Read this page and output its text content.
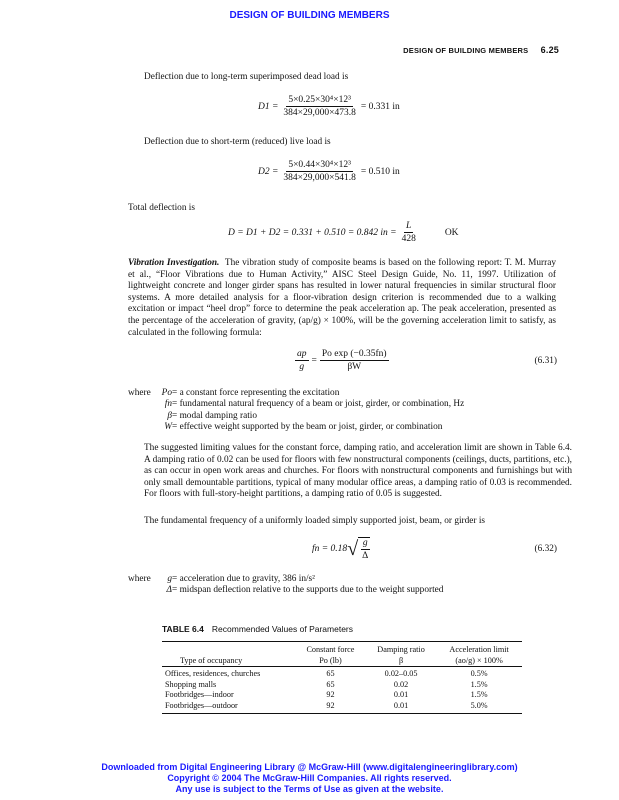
DESIGN OF BUILDING MEMBERS
DESIGN OF BUILDING MEMBERS 6.25
Deflection due to long-term superimposed dead load is
$D1 = \frac{\text{5×0.25×30⁴×12³}}{384\times 29,000\times 473.8} = 0.331$ in
Deflection due to short-term (reduced) live load is
$D2 = \frac{\text{5×0.44×30⁴×12³}}{384\times 29,000\times 541.8} = 0.510$ in
Total deflection is
D = D1 + D2 = 0.331 + 0.510 = 0.842 in = $\frac{L}{428}$	OK
Vibration Investigation. The vibration study of composite beams is based on the following report: T. M. Murray et al., “Floor Vibrations due to Human Activity,” AISC Steel Design Guide, No. 11, 1997. Utilization of lightweight concrete and longer girder spans has resulted in lower natural frequencies in similar structural floor systems. A more detailed analysis for a floor-vibration design criterion is recommended due to a walking excitation or impact “heel drop” force to determine the peak acceleration ap. The peak acceleration, presented as the percentage of the acceleration of gravity, (ap/g) × 100%, will be the governing acceleration limit to satisfy, as calculated in the following formula:
$\frac{ap}{g} = \frac{\text{Po exp (−0.35fn)}}{\beta W}$	(6.31)
where	Po = a constant force representing the excitation
fn = fundamental natural frequency of a beam or joist, girder, or combination, Hz
β = modal damping ratio
W = effective weight supported by the beam or joist, girder, or combination
The suggested limiting values for the constant force, damping ratio, and acceleration limit are shown in Table 6.4. A damping ratio of 0.02 can be used for floors with few nonstructural components (ceilings, ducts, partitions, etc.), as can occur in open work areas and churches. For floors with nonstructural components and furnishings but with only small demountable partitions, typical of many modular office areas, a damping ratio of 0.03 is recommended. For floors with full-story-height partitions, a damping ratio of 0.05 is suggested.
The fundamental frequency of a uniformly loaded simply supported joist, beam, or girder is
fn = 0.18 √ $\frac{g}{\Delta}$	(6.32)
where	g = acceleration due to gravity, 386 in/s²
Δ = midspan deflection relative to the supports due to the weight supported
TABLE 6.4 Recommended Values of Parameters
	Constant force	Damping ratio	Acceleration limit
Type of occupancy	Po (lb)	β	(ao/g) × 100%
Offices, residences, churches	65	0.02–0.05	0.5%
Shopping malls	65	0.02	1.5%
Footbridges—indoor	92	0.01	1.5%
Footbridges—outdoor	92	0.01	5.0%
Downloaded from Digital Engineering Library @ McGraw-Hill (www.digitalengineeringlibrary.com)
Copyright © 2004 The McGraw-Hill Companies. All rights reserved.
Any use is subject to the Terms of Use as given at the website.
